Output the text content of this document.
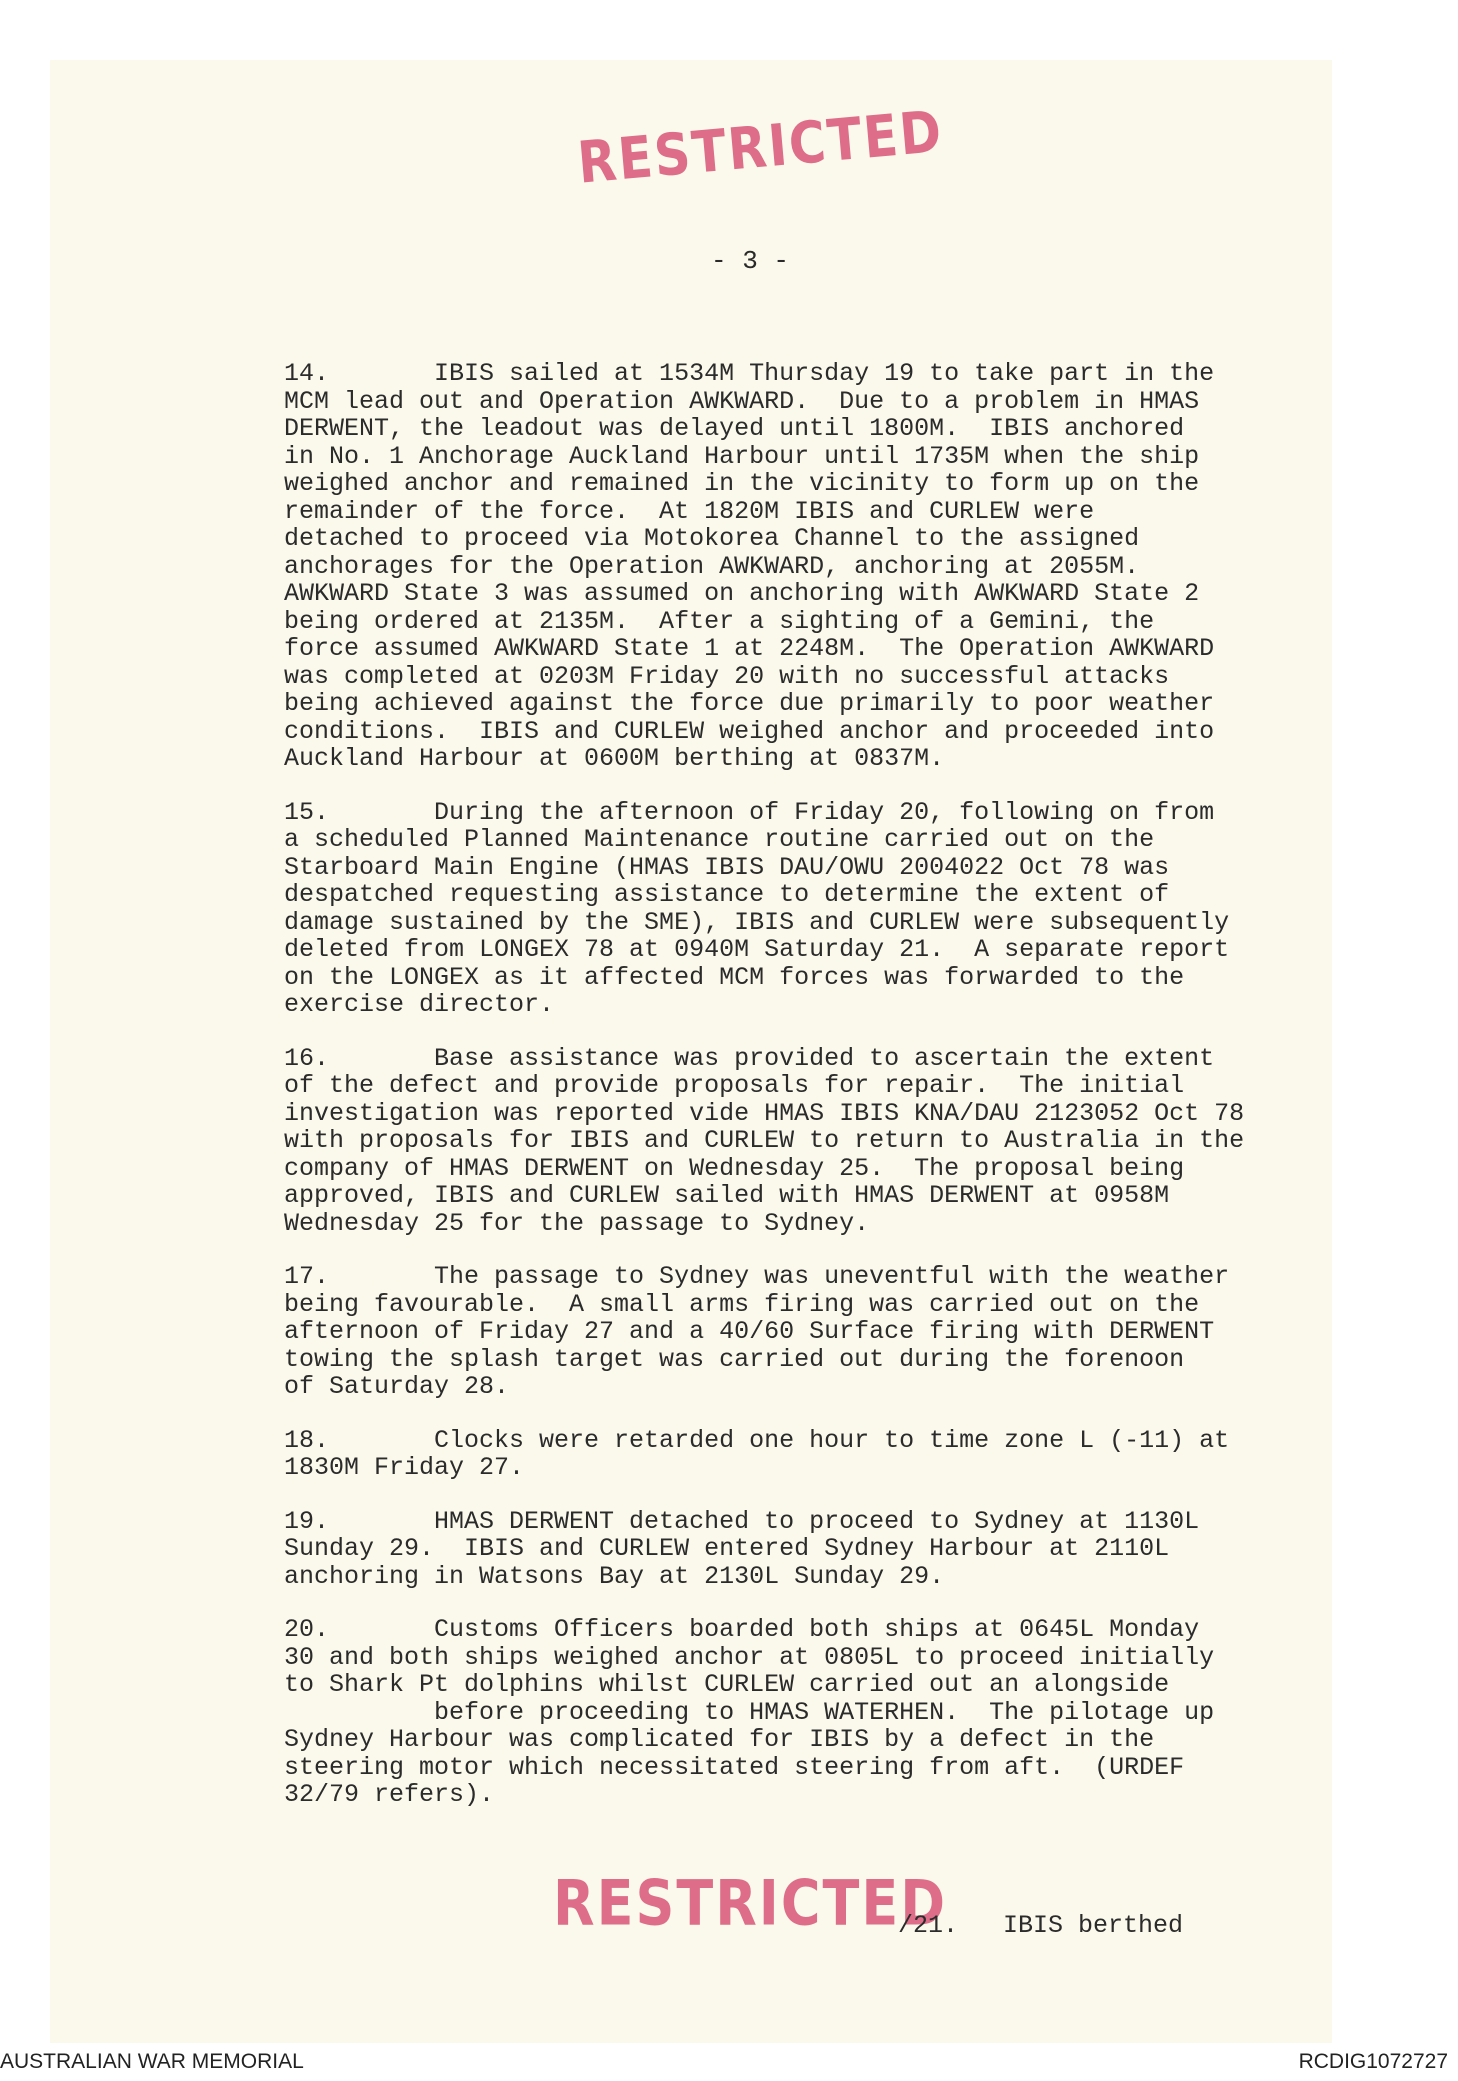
RESTRICTED
- 3 -
14.       IBIS sailed at 1534M Thursday 19 to take part in the
MCM lead out and Operation AWKWARD.  Due to a problem in HMAS
DERWENT, the leadout was delayed until 1800M.  IBIS anchored
in No. 1 Anchorage Auckland Harbour until 1735M when the ship
weighed anchor and remained in the vicinity to form up on the
remainder of the force.  At 1820M IBIS and CURLEW were
detached to proceed via Motokorea Channel to the assigned
anchorages for the Operation AWKWARD, anchoring at 2055M.
AWKWARD State 3 was assumed on anchoring with AWKWARD State 2
being ordered at 2135M.  After a sighting of a Gemini, the
force assumed AWKWARD State 1 at 2248M.  The Operation AWKWARD
was completed at 0203M Friday 20 with no successful attacks
being achieved against the force due primarily to poor weather
conditions.  IBIS and CURLEW weighed anchor and proceeded into
Auckland Harbour at 0600M berthing at 0837M.
15.       During the afternoon of Friday 20, following on from
a scheduled Planned Maintenance routine carried out on the
Starboard Main Engine (HMAS IBIS DAU/OWU 2004022 Oct 78 was
despatched requesting assistance to determine the extent of
damage sustained by the SME), IBIS and CURLEW were subsequently
deleted from LONGEX 78 at 0940M Saturday 21.  A separate report
on the LONGEX as it affected MCM forces was forwarded to the
exercise director.
16.       Base assistance was provided to ascertain the extent
of the defect and provide proposals for repair.  The initial
investigation was reported vide HMAS IBIS KNA/DAU 2123052 Oct 78
with proposals for IBIS and CURLEW to return to Australia in the
company of HMAS DERWENT on Wednesday 25.  The proposal being
approved, IBIS and CURLEW sailed with HMAS DERWENT at 0958M
Wednesday 25 for the passage to Sydney.
17.       The passage to Sydney was uneventful with the weather
being favourable.  A small arms firing was carried out on the
afternoon of Friday 27 and a 40/60 Surface firing with DERWENT
towing the splash target was carried out during the forenoon
of Saturday 28.
18.       Clocks were retarded one hour to time zone L (-11) at
1830M Friday 27.
19.       HMAS DERWENT detached to proceed to Sydney at 1130L
Sunday 29.  IBIS and CURLEW entered Sydney Harbour at 2110L
anchoring in Watsons Bay at 2130L Sunday 29.
20.       Customs Officers boarded both ships at 0645L Monday
30 and both ships weighed anchor at 0805L to proceed initially
to Shark Pt dolphins whilst CURLEW carried out an alongside
before proceeding to HMAS WATERHEN.  The pilotage up
Sydney Harbour was complicated for IBIS by a defect in the
steering motor which necessitated steering from aft.  (URDEF
32/79 refers).
RESTRICTED
/21.   IBIS berthed
AUSTRALIAN WAR MEMORIAL	RCDIG1072727
